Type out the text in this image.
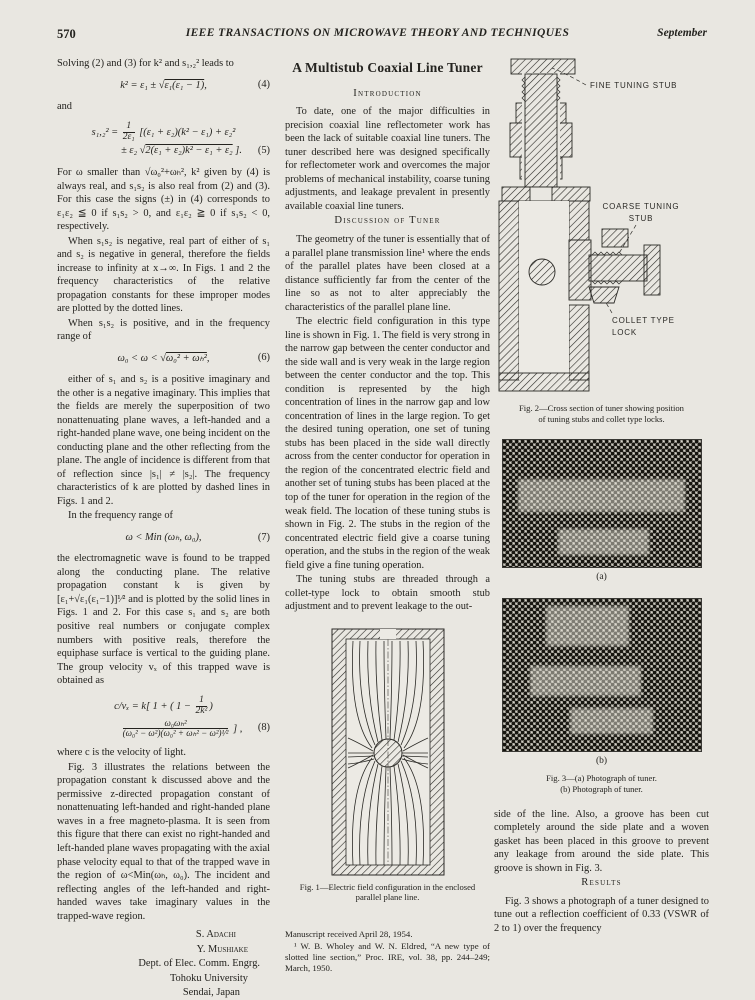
570	IEEE TRANSACTIONS ON MICROWAVE THEORY AND TECHNIQUES	September

Solving (2) and (3) for k² and s₁,₂² leads to

k² = ε₁ ± √ε₁(ε₁ − 1),	(4)

and

$s_1,_2^2 = \frac{1}{\text{2ε₁}} [(\varepsilon_1 + \varepsilon_2)(k^2 - \varepsilon_1) + \varepsilon_2^2$
± ε₂ √2(ε₁ + ε₂)k² − ε₁ + ε₂ ]. (5)

For ω smaller than √ω₀²+ωₕ², k² given by (4) is always real, and s₁s₂ is also real from (2) and (3). For this case the signs (±) in (4) corresponds to ε₁ε₂ ≦ 0 if s₁s₂ > 0, and ε₁ε₂ ≧ 0 if s₁s₂ < 0, respectively.

When s₁s₂ is negative, real part of either of s₁ and s₂ is negative in general, therefore the fields increase to infinity at x→∞. In Figs. 1 and 2 the frequency characteristics of the relative propagation constants for these improper modes are plotted by the dotted lines.

When s₁s₂ is positive, and in the frequency range of

ω₀ < ω < √ω₀² + ωₕ²,	(6)

either of s₁ and s₂ is a positive imaginary and the other is a negative imaginary. This implies that the fields are merely the superposition of two nonattenuating plane waves, a left-handed and a right-handed plane wave, one being incident on the conducting plane and the other reflecting from the plane. The angle of incidence is different from that of reflection since |s₁| ≠ |s₂|. The frequency characteristics of k are plotted by dashed lines in Figs. 1 and 2.

In the frequency range of

ω < Min (ωₕ, ω₀),	(7)

the electromagnetic wave is found to be trapped along the conducting plane. The relative propagation constant k is given by [ε₁+√ε₁(ε₁−1)]¹⁄² and is plotted by the solid lines in Figs. 1 and 2. For this case s₁ and s₂ are both positive real numbers or conjugate complex numbers with positive reals, therefore the equiphase surface is vertical to the guiding plane. The group velocity vₓ of this trapped wave is obtained as

c/vₓ = k[ 1 + ( $1 - \frac{1}{\text{2k²}}$ )
$\frac{\text{ω₀ωₕ²}}{\text{(ω₀² − ω²)(ω₀² + ωₕ² − ω²)¹⁄²}}$ ] , (8)

where c is the velocity of light.

Fig. 3 illustrates the relations between the propagation constant k discussed above and the permissive z-directed propagation constant of nonattenuating left-handed and right-handed plane waves in a free magneto-plasma. It is seen from this figure that there can exist no right-handed and left-handed plane waves propagating with the axial phase velocity equal to that of the trapped wave in the region of ω<Min(ωₕ, ω₀). The incident and reflecting angles of the left-handed and right-handed waves take imaginary values in the trapped-wave region.

S. Adachi

Y. Mushiake

Dept. of Elec. Comm. Engrg.

Tohoku University

Sendai, Japan

A Multistub Coaxial Line Tuner

Introduction

To date, one of the major difficulties in precision coaxial line reflectometer work has been the lack of suitable coaxial line tuners. The tuner described here was designed specifically for reflectometer work and overcomes the major problems of mechanical instability, coarse tuning adjustments, and leakage prevalent in presently available coaxial line tuners.

Discussion of Tuner

The geometry of the tuner is essentially that of a parallel plane transmission line¹ where the ends of the parallel plates have been closed at a distance sufficiently far from the center of the line so as not to alter appreciably the characteristics of the parallel plane line.

The electric field configuration in this type line is shown in Fig. 1. The field is very strong in the narrow gap between the center conductor and the side wall and is very weak in the large region between the center conductor and the top. This condition is represented by the high concentration of lines in the narrow gap and low concentration of lines in the large region. To get the desired tuning operation, one set of tuning stubs has been placed in the side wall directly across from the center conductor for operation in the region of the concentrated electric field and another set of tuning stubs has been placed at the top of the tuner for operation in the region of the weak field. The location of these tuning stubs is shown in Fig. 2. The stubs in the region of the concentrated electric field give a coarse tuning operation, and the stubs in the region of the weak field give a fine tuning operation.

The tuning stubs are threaded through a collet-type lock to obtain smooth stub adjustment and to prevent leakage to the out-

Fig. 1—Electric field configuration in the enclosed
parallel plane line.

Manuscript received April 28, 1954.

¹ W. B. Wholey and W. N. Eldred, “A new type of slotted line section,” Proc. IRE, vol. 38, pp. 244–249; March, 1950.

FINE TUNING STUB
COARSE TUNING
STUB
COLLET TYPE
LOCK

Fig. 2—Cross section of tuner showing position
of tuning stubs and collet type locks.

(a)

(b)

Fig. 3—(a) Photograph of tuner.
(b) Photograph of tuner.

side of the line. Also, a groove has been cut completely around the side plate and a woven gasket has been placed in this groove to prevent any leakage from around the side plate. This groove is shown in Fig. 3.

Results

Fig. 3 shows a photograph of a tuner designed to tune out a reflection coefficient of 0.33 (VSWR of 2 to 1) over the frequency
